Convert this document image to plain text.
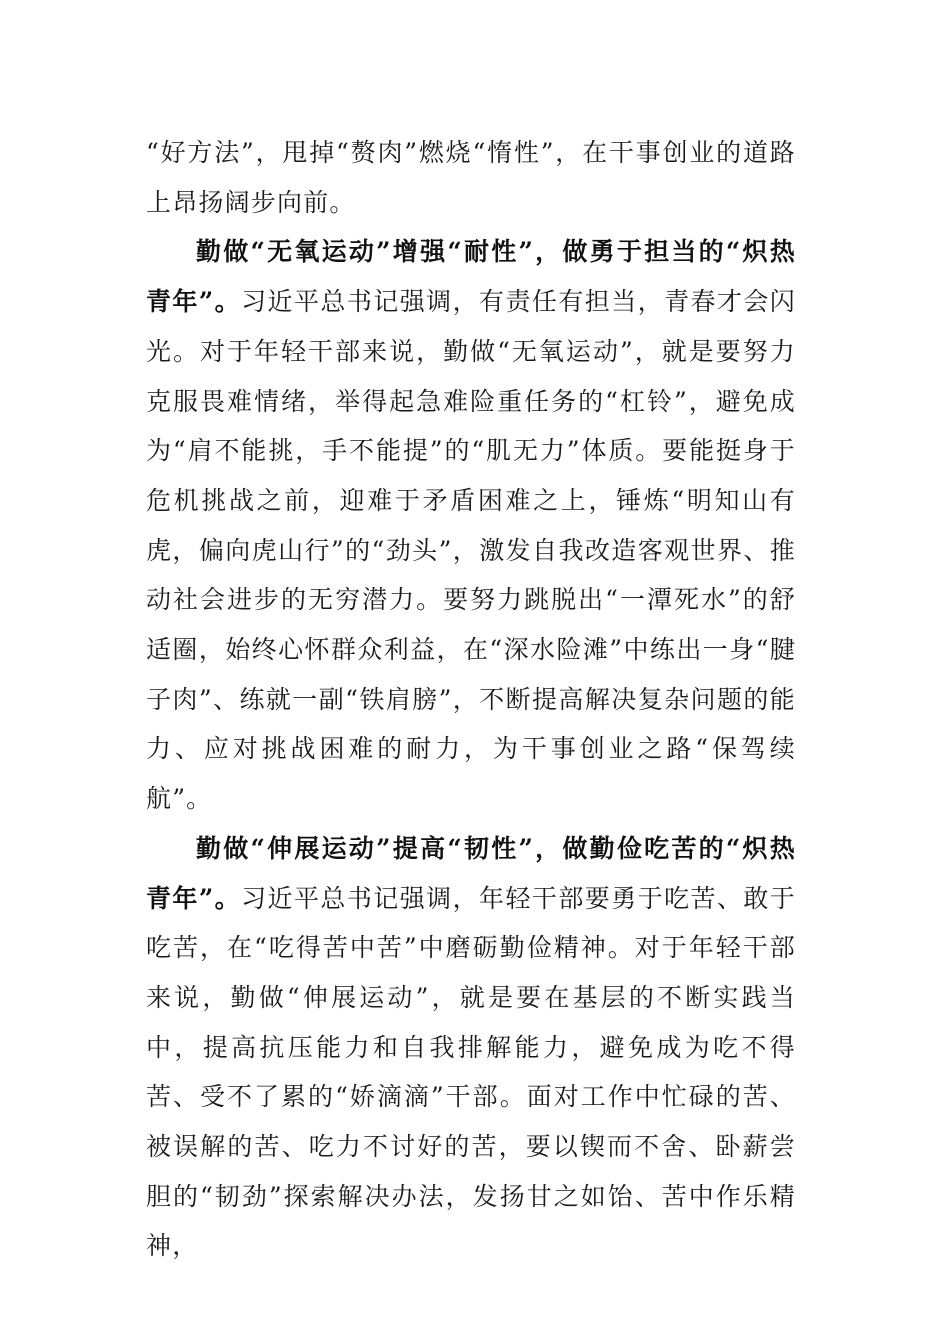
“好方法”，甩掉“赘肉”燃烧“惰性”，在干事创业的道路上昂扬阔步向前。

勤做“无氧运动”增强“耐性”，做勇于担当的“炽热青年”。习近平总书记强调，有责任有担当，青春才会闪光。对于年轻干部来说，勤做“无氧运动”，就是要努力克服畏难情绪，举得起急难险重任务的“杠铃”，避免成为“肩不能挑，手不能提”的“肌无力”体质。要能挺身于危机挑战之前，迎难于矛盾困难之上，锤炼“明知山有虎，偏向虎山行”的“劲头”，激发自我改造客观世界、推动社会进步的无穷潜力。要努力跳脱出“一潭死水”的舒适圈，始终心怀群众利益，在“深水险滩”中练出一身“腱子肉”、练就一副“铁肩膀”，不断提高解决复杂问题的能力、应对挑战困难的耐力，为干事创业之路“保驾续航”。

勤做“伸展运动”提高“韧性”，做勤俭吃苦的“炽热青年”。习近平总书记强调，年轻干部要勇于吃苦、敢于吃苦，在“吃得苦中苦”中磨砺勤俭精神。对于年轻干部来说，勤做“伸展运动”，就是要在基层的不断实践当中，提高抗压能力和自我排解能力，避免成为吃不得苦、受不了累的“娇滴滴”干部。面对工作中忙碌的苦、被误解的苦、吃力不讨好的苦，要以锲而不舍、卧薪尝胆的“韧劲”探索解决办法，发扬甘之如饴、苦中作乐精神，
